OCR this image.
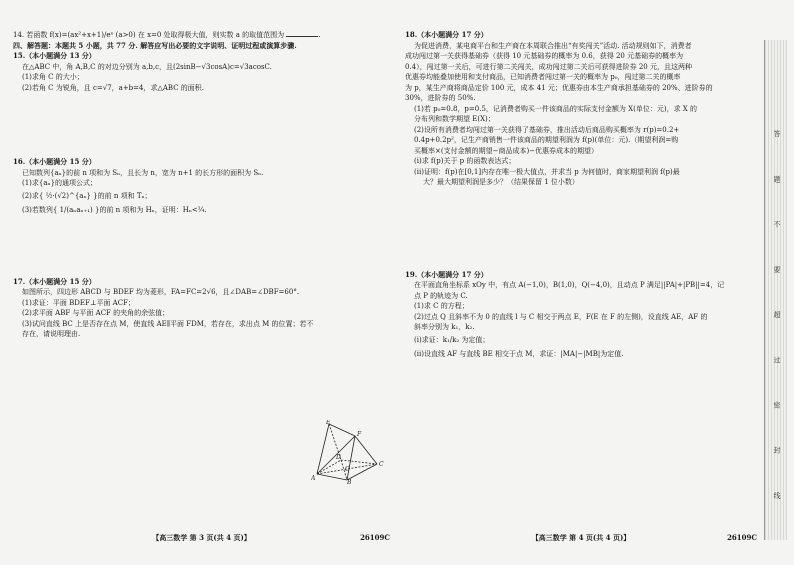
14. 若函数 f(x)=(ax²+x+1)/eˣ (a>0) 在 x=0 处取得极大值，则实数 a 的取值范围为	.
四、解答题：本题共 5 小题，共 77 分. 解答应写出必要的文字说明、证明过程或演算步骤.
15.（本小题满分 13 分）
在△ABC 中，角 A,B,C 的对边分别为 a,b,c，且(2sinB−√3cosA)c=√3acosC.
(1)求角 C 的大小；
(2)若角 C 为锐角，且 c=√7，a+b=4，求△ABC 的面积.
16.（本小题满分 15 分）
已知数列{aₙ}的前 n 项和为 Sₙ，且长为 n，宽为 n+1 的长方形的面积为 Sₙ.
(1)求{aₙ}的通项公式；
(2)求{ ½·(√2)^{aₙ} }的前 n 项和 Tₙ；
(3)若数列{ 1/(aₙaₙ₊₁) }的前 n 项和为 Hₙ，证明：Hₙ<¼.
17.（本小题满分 15 分）
如图所示，四边形 ABCD 与 BDEF 均为菱形，FA=FC=2√6，且∠DAB=∠DBF=60°.
(1)求证：平面 BDEF⊥平面 ACF；
(2)求平面 ABF 与平面 ACF 的夹角的余弦值；
(3)试问直线 BC 上是否存在点 M，使直线 AE∥平面 FDM，若存在，求出点 M 的位置；若不
存在，请说明理由.
E
F
D
O
C
A
B
【高三数学 第 3 页(共 4 页)】	26109C
18.（本小题满分 17 分）
为促进消费，某电商平台和生产商在本周联合推出“有奖闯关”活动. 活动规则如下，消费者
成功闯过第一关获得基础券（获得 10 元基础券的概率为 0.6，获得 20 元基础券的概率为
0.4），闯过第一关后，可进行第二关闯关，成功闯过第二关后可获得进阶券 20 元，且这两种
优惠券均能叠加使用和支付商品，已知消费者闯过第一关的概率为 p₀，闯过第二关的概率
为 p，某生产商将商品定价 100 元，成本 41 元；优惠券由本生产商承担基础券的 20%、进阶券的
30%，进阶券的 50%.
(1)若 p₀=0.8，p=0.5，记消费者购买一件该商品的实际支付金额为 X(单位：元)，求 X 的
分布列和数学期望 E(X)；
(2)设所有消费者均闯过第一关获得了基础券，推出活动后商品购买概率为 r(p)=0.2+
0.4p+0.2p²，记生产商销售一件该商品的期望利润为 f(p)(单位：元).（期望利润=购
买概率×(支付金额的期望−商品成本)−优惠券成本的期望）
(i)求 f(p)关于 p 的函数表达式；
(ii)证明：f(p)在[0,1]内存在唯一极大值点，并求当 p 为何值时，商家期望利润 f(p)最
大？最大期望利润是多少？（结果保留 1 位小数）
19.（本小题满分 17 分）
在平面直角坐标系 xOy 中，有点 A(−1,0)，B(1,0)，Q(−4,0)，且动点 P 满足||PA|+|PB||=4，记
点 P 的轨迹为 C.
(1)求 C 的方程；
(2)过点 Q 且斜率不为 0 的直线 l 与 C 相交于两点 E，F(E 在 F 的左侧)，设直线 AE，AF 的
斜率分别为 k₁，k₂.
(i)求证：k₁/k₂ 为定值；
(ii)设直线 AF 与直线 BE 相交于点 M，求证：|MA|−|MB|为定值.
【高三数学 第 4 页(共 4 页)】	26109C
答 题 不 要 超 过 密 封 线
